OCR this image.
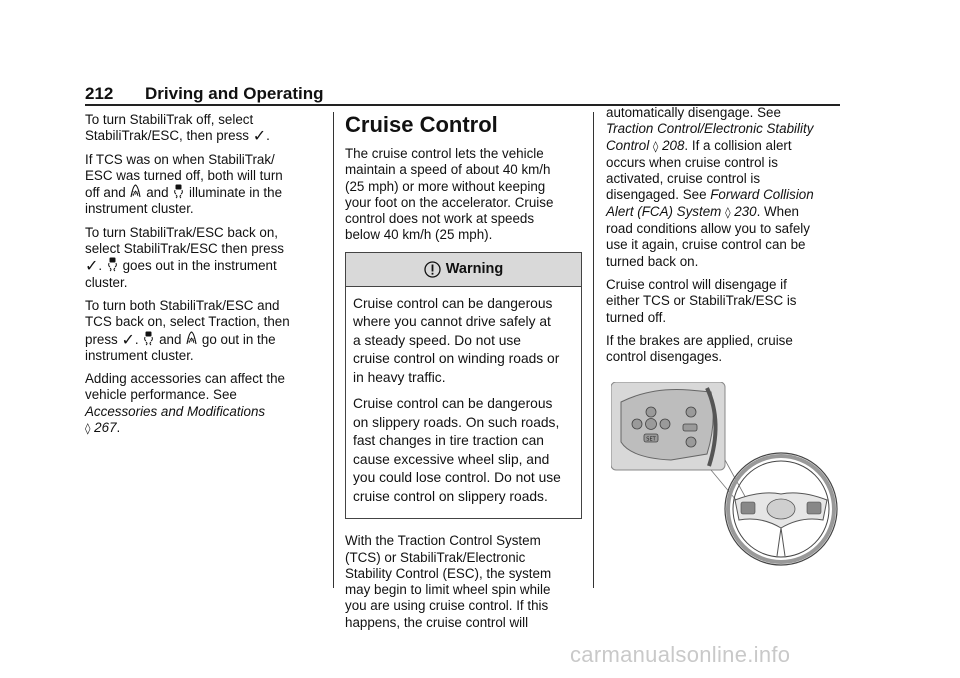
212 Driving and Operating

To turn StabiliTrak off, select
StabiliTrak/ESC, then press ✓.

If TCS was on when StabiliTrak/
ESC was turned off, both will turn
off and OFF and illuminate in the
instrument cluster.

To turn StabiliTrak/ESC back on,
select StabiliTrak/ESC then press
✓. goes out in the instrument
cluster.

To turn both StabiliTrak/ESC and
TCS back on, select Traction, then
press ✓. and OFF go out in the
instrument cluster.

Adding accessories can affect the
vehicle performance. See
Accessories and Modifications
◊ 267.

Cruise Control

The cruise control lets the vehicle
maintain a speed of about 40 km/h
(25 mph) or more without keeping
your foot on the accelerator. Cruise
control does not work at speeds
below 40 km/h (25 mph).

Warning

Cruise control can be dangerous
where you cannot drive safely at
a steady speed. Do not use
cruise control on winding roads or
in heavy traffic.

Cruise control can be dangerous
on slippery roads. On such roads,
fast changes in tire traction can
cause excessive wheel slip, and
you could lose control. Do not use
cruise control on slippery roads.

With the Traction Control System
(TCS) or StabiliTrak/Electronic
Stability Control (ESC), the system
may begin to limit wheel spin while
you are using cruise control. If this
happens, the cruise control will

automatically disengage. See
Traction Control/Electronic Stability
Control ◊ 208. If a collision alert
occurs when cruise control is
activated, cruise control is
disengaged. See Forward Collision
Alert (FCA) System ◊ 230. When
road conditions allow you to safely
use it again, cruise control can be
turned back on.

Cruise control will disengage if
either TCS or StabiliTrak/ESC is
turned off.

If the brakes are applied, cruise
control disengages.

SET
carmanualsonline.info
